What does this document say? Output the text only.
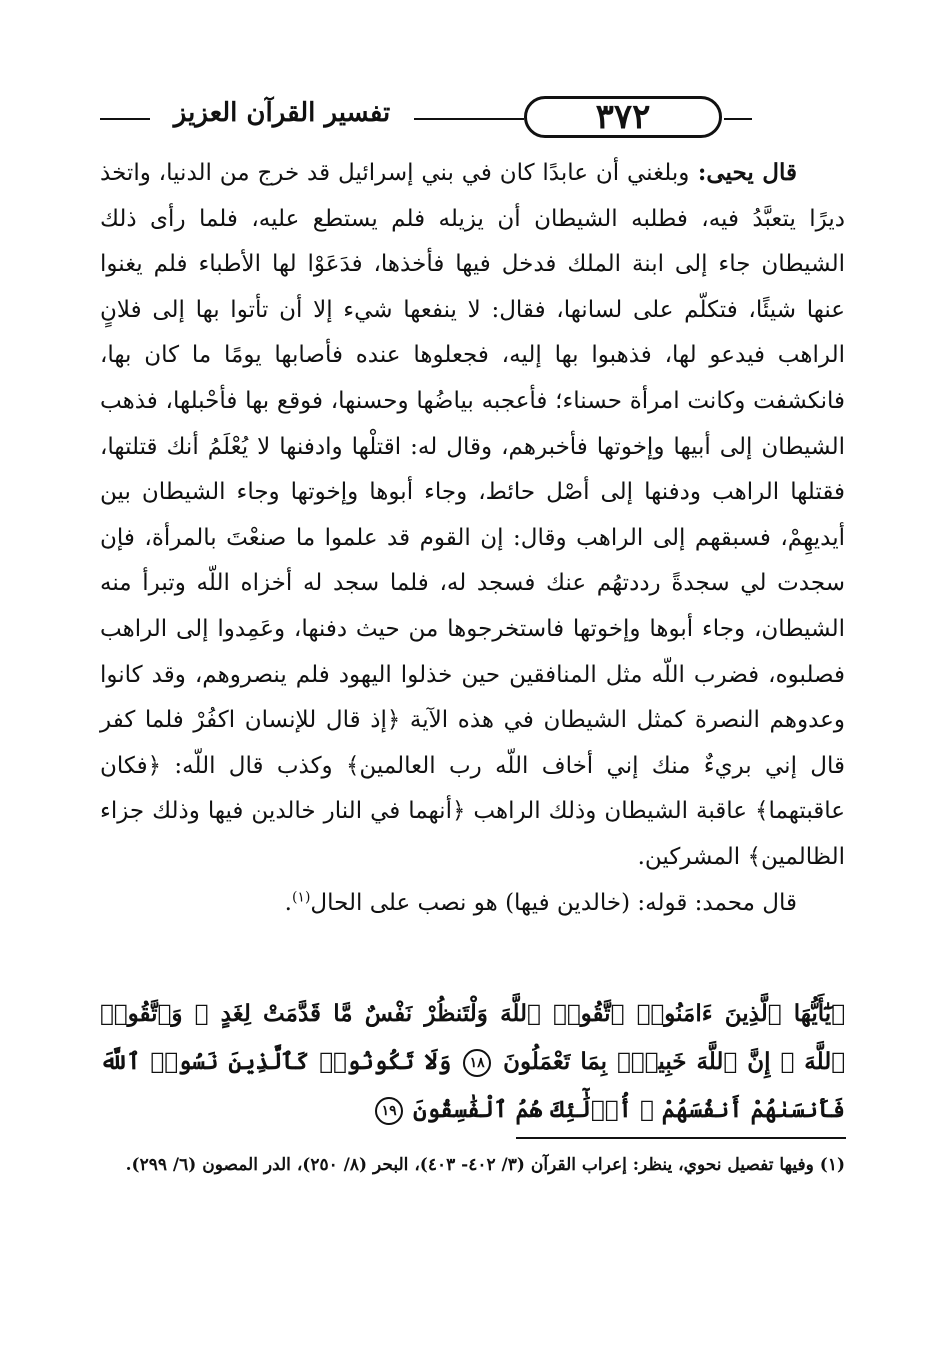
تفسير القرآن العزيز	٣٧٢

قال يحيى: وبلغني أن عابدًا كان في بني إسرائيل قد خرج من الدنيا، واتخذ ديرًا يتعبَّدُ فيه، فطلبه الشيطان أن يزيله فلم يستطع عليه، فلما رأى ذلك الشيطان جاء إلى ابنة الملك فدخل فيها فأخذها، فدَعَوْا لها الأطباء فلم يغنوا عنها شيئًا، فتكلّم على لسانها، فقال: لا ينفعها شيء إلا أن تأتوا بها إلى فلانٍ الراهب فيدعو لها، فذهبوا بها إليه، فجعلوها عنده فأصابها يومًا ما كان بها، فانكشفت وكانت امرأة حسناء؛ فأعجبه بياضُها وحسنها، فوقع بها فأحْبلها، فذهب الشيطان إلى أبيها وإخوتها فأخبرهم، وقال له: اقتلْها وادفنها لا يُعْلَمُ أنك قتلتها، فقتلها الراهب ودفنها إلى أصْل حائط، وجاء أبوها وإخوتها وجاء الشيطان بين أيديهِمْ، فسبقهم إلى الراهب وقال: إن القوم قد علموا ما صنعْتَ بالمرأة، فإن سجدت لي سجدةً رددتهُم عنك فسجد له، فلما سجد له أخزاه اللّه وتبرأ منه الشيطان، وجاء أبوها وإخوتها فاستخرجوها من حيث دفنها، وعَمِدوا إلى الراهب فصلبوه، فضرب اللّه مثل المنافقين حين خذلوا اليهود فلم ينصروهم، وقد كانوا وعدوهم النصرة كمثل الشيطان في هذه الآية ﴿إذ قال للإنسان اكفُرْ فلما كفر قال إني بريءٌ منك إني أخاف اللّه رب العالمين﴾ وكذب قال اللّه: ﴿فكان عاقبتهما﴾ عاقبة الشيطان وذلك الراهب ﴿أنهما في النار خالدين فيها وذلك جزاء الظالمين﴾ المشركين.

قال محمد: قوله: (خالدين فيها) هو نصب على الحال$^{(١)}$.

﴿يَٰٓأَيُّهَا ٱلَّذِينَ ءَامَنُوا۟ ٱتَّقُوا۟ ٱللَّهَ وَلْتَنظُرْ نَفْسٌ مَّا قَدَّمَتْ لِغَدٍ ۖ وَٱتَّقُوا۟ ٱللَّهَ ۚ إِنَّ ٱللَّهَ خَبِيرٌۢ بِمَا تَعْمَلُونَ ١٨ وَلَا تَكُونُوا۟ كَٱلَّذِينَ نَسُوا۟ ٱللَّهَ فَأَنسَىٰهُمْ أَنفُسَهُمْ ۚ أُو۟لَٰٓئِكَ هُمُ ٱلْفَٰسِقُونَ ١٩
(١) وفيها تفصيل نحوي، ينظر: إعراب القرآن (٣/ ٤٠٢- ٤٠٣)، البحر (٨/ ٢٥٠)، الدر المصون (٦/ ٢٩٩).
